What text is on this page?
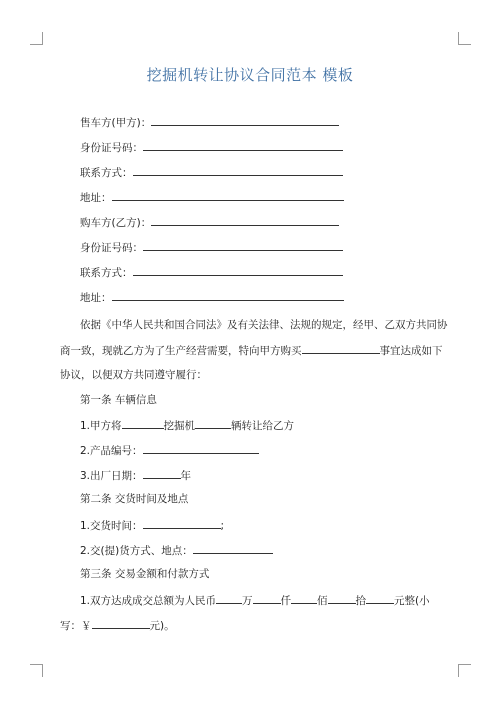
挖掘机转让协议合同范本 模板
售车方(甲方)：
身份证号码：
联系方式：
地址：
购车方(乙方)：
身份证号码：
联系方式：
地址：
依据《中华人民共和国合同法》及有关法律、法规的规定，经甲、乙双方共同协
商一致，现就乙方为了生产经营需要，特向甲方购买	事宜达成如下
协议，以便双方共同遵守履行：
第一条 车辆信息
1.甲方将	挖掘机	辆转让给乙方
2.产品编号：
3.出厂日期：	年
第二条 交货时间及地点
1.交货时间：	;
2.交(提)货方式、地点：
第三条 交易金额和付款方式
1.双方达成成交总额为人民币 万	仟 佰	拾	元整(小
写：￥	元)。
